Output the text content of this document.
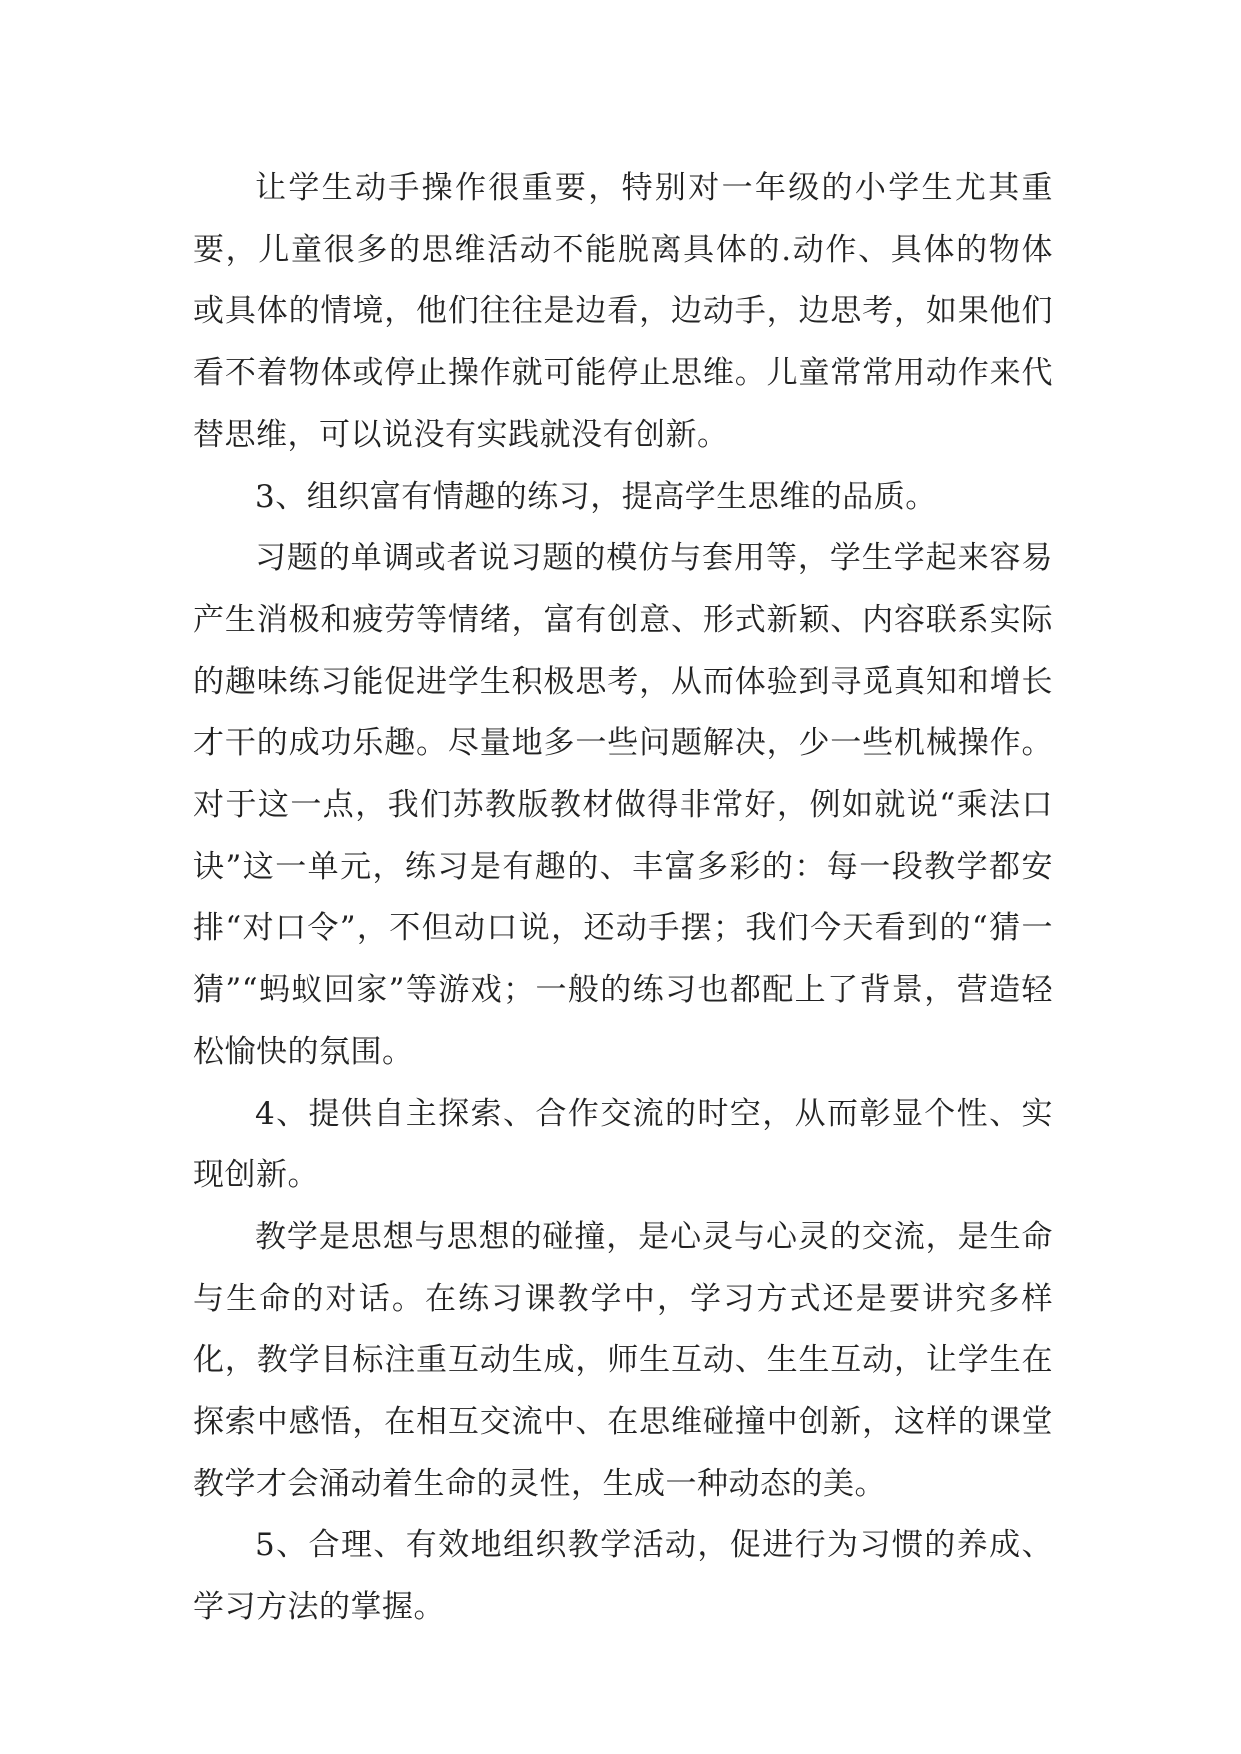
让学生动手操作很重要，特别对一年级的小学生尤其重要，儿童很多的思维活动不能脱离具体的.动作、具体的物体或具体的情境，他们往往是边看，边动手，边思考，如果他们看不着物体或停止操作就可能停止思维。儿童常常用动作来代替思维，可以说没有实践就没有创新。

3、组织富有情趣的练习，提高学生思维的品质。

习题的单调或者说习题的模仿与套用等，学生学起来容易产生消极和疲劳等情绪，富有创意、形式新颖、内容联系实际的趣味练习能促进学生积极思考，从而体验到寻觅真知和增长才干的成功乐趣。尽量地多一些问题解决，少一些机械操作。对于这一点，我们苏教版教材做得非常好，例如就说“乘法口诀”这一单元，练习是有趣的、丰富多彩的：每一段教学都安排“对口令”，不但动口说，还动手摆；我们今天看到的“猜一猜”“蚂蚁回家”等游戏；一般的练习也都配上了背景，营造轻松愉快的氛围。

4、提供自主探索、合作交流的时空，从而彰显个性、实现创新。

教学是思想与思想的碰撞，是心灵与心灵的交流，是生命与生命的对话。在练习课教学中，学习方式还是要讲究多样化，教学目标注重互动生成，师生互动、生生互动，让学生在探索中感悟，在相互交流中、在思维碰撞中创新，这样的课堂教学才会涌动着生命的灵性，生成一种动态的美。

5、合理、有效地组织教学活动，促进行为习惯的养成、学习方法的掌握。
